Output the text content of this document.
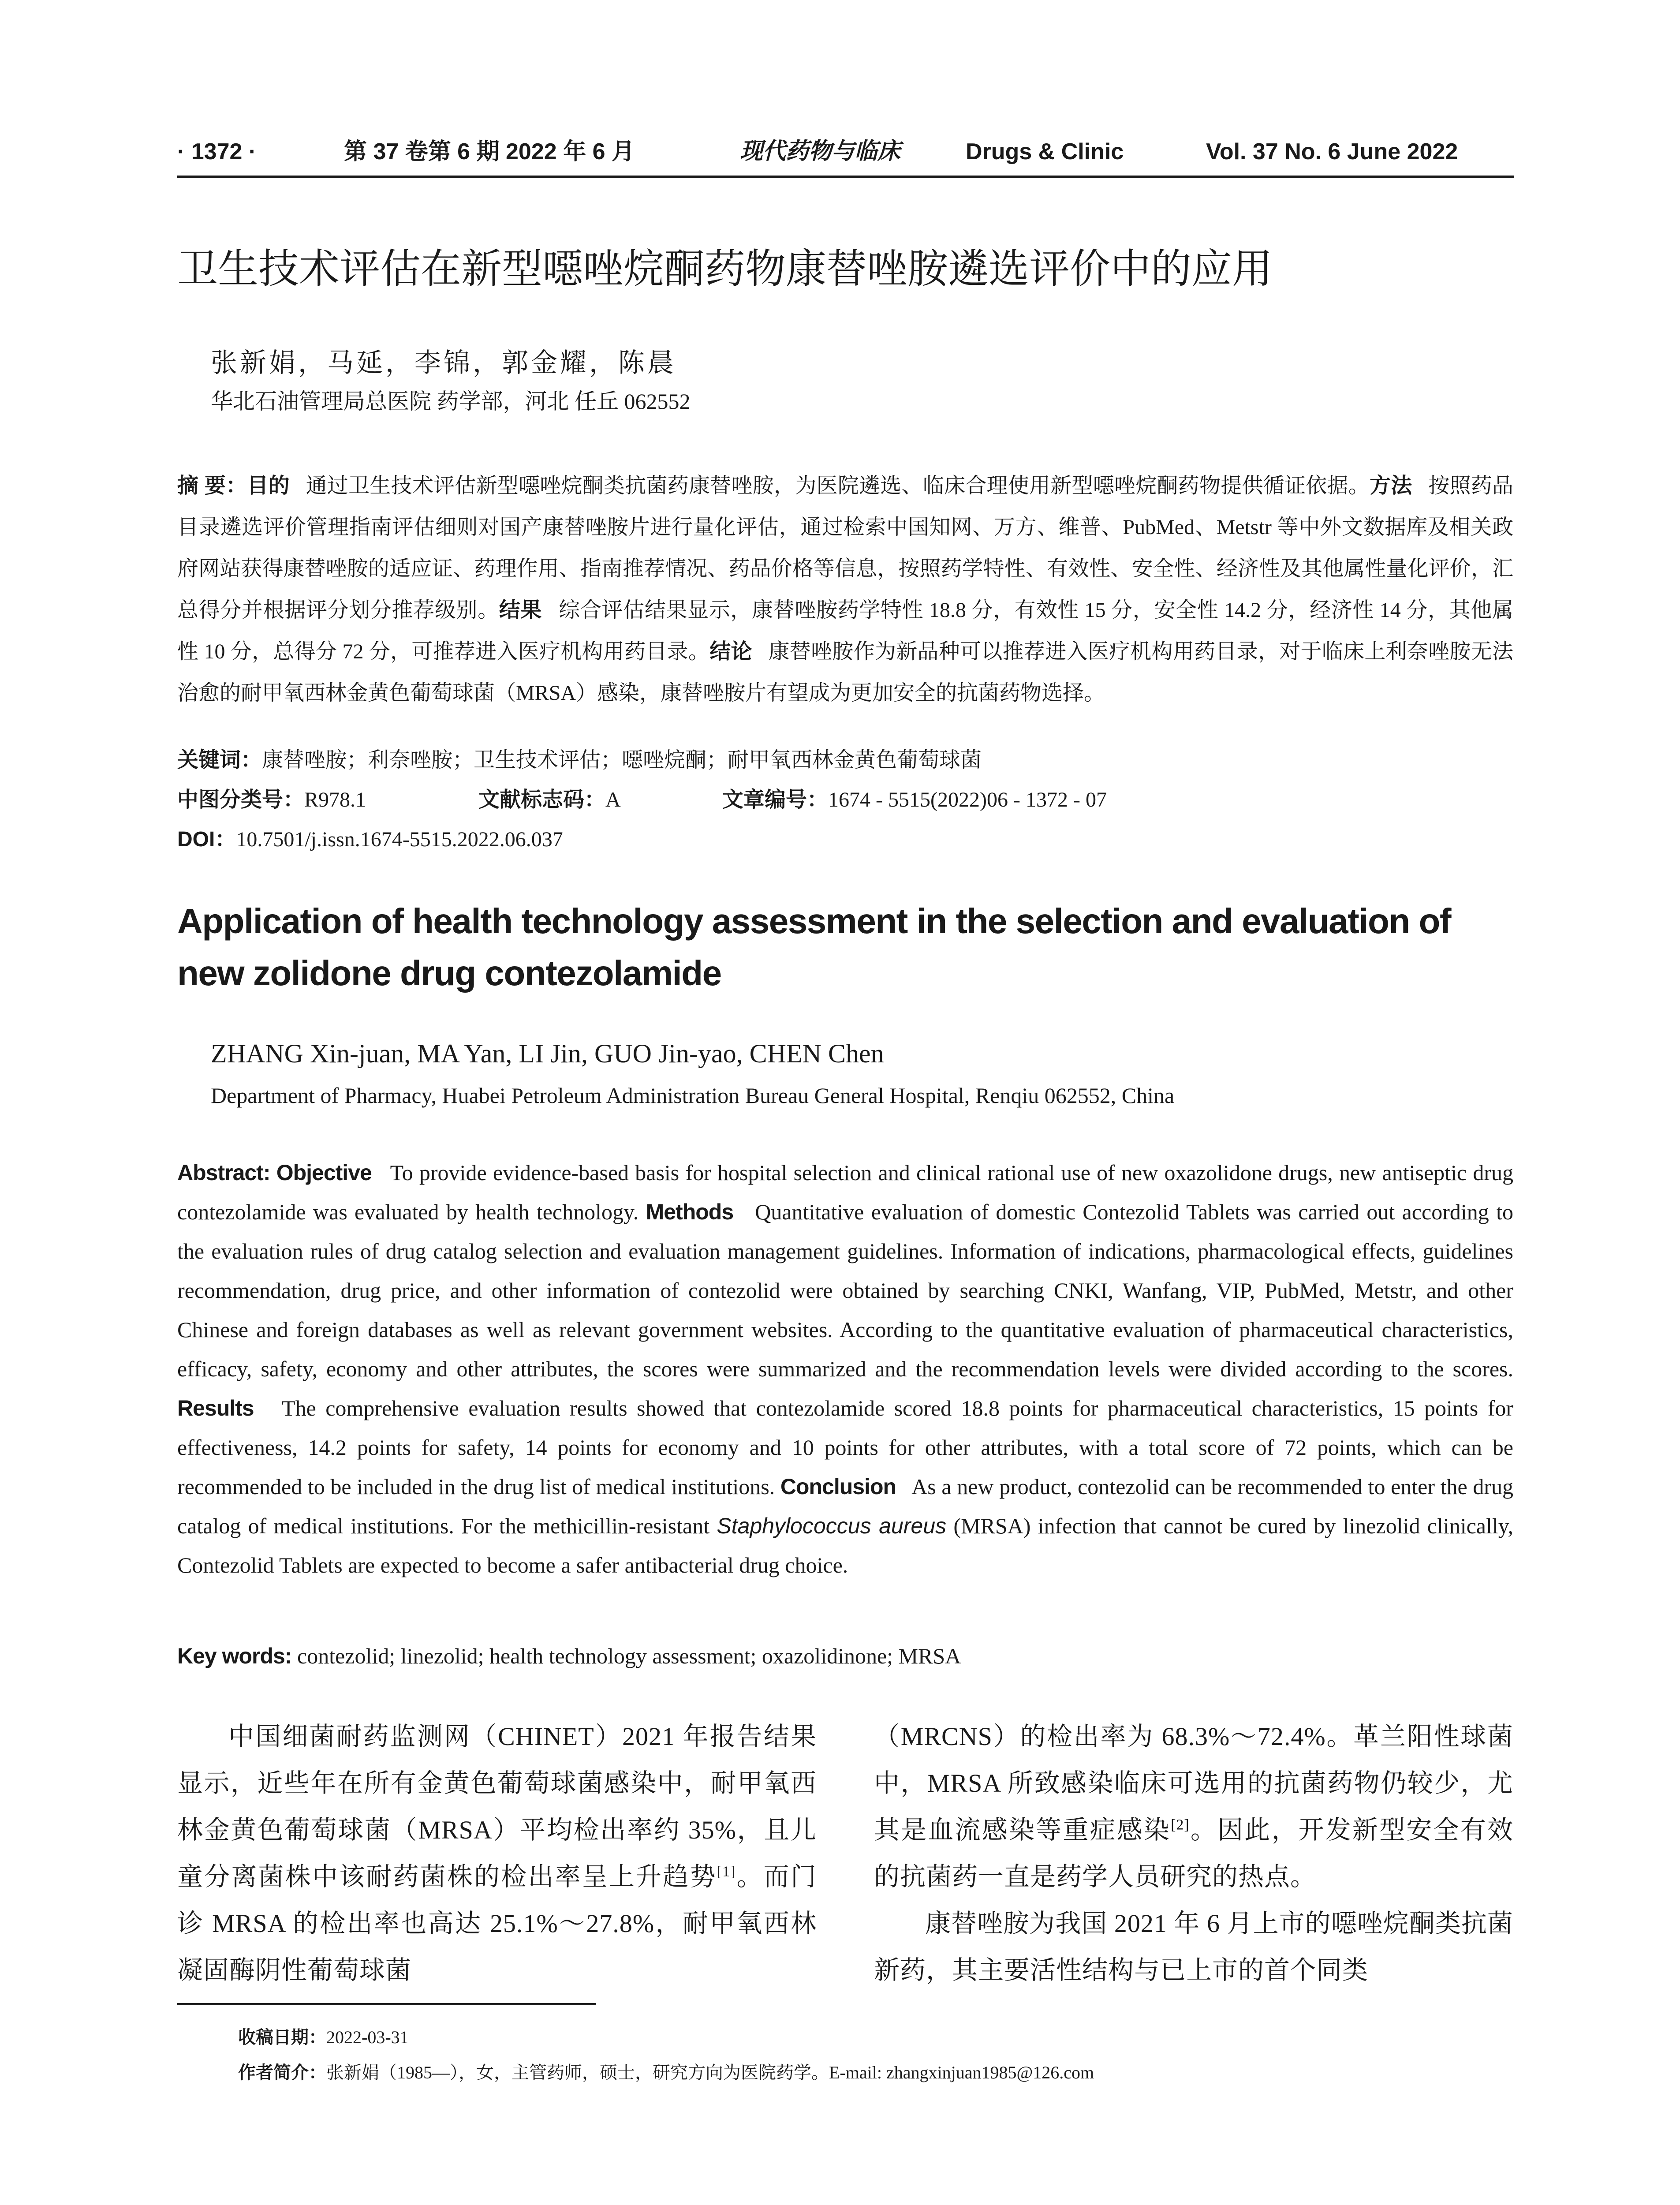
· 1372 ·	第 37 卷第 6 期 2022 年 6 月	现代药物与临床	Drugs & Clinic	Vol. 37 No. 6 June 2022
卫生技术评估在新型噁唑烷酮药物康替唑胺遴选评价中的应用
张新娟，马延，李锦，郭金耀，陈晨
华北石油管理局总医院 药学部，河北 任丘 062552
摘 要：目的 通过卫生技术评估新型噁唑烷酮类抗菌药康替唑胺，为医院遴选、临床合理使用新型噁唑烷酮药物提供循证依据。方法 按照药品目录遴选评价管理指南评估细则对国产康替唑胺片进行量化评估，通过检索中国知网、万方、维普、PubMed、Metstr 等中外文数据库及相关政府网站获得康替唑胺的适应证、药理作用、指南推荐情况、药品价格等信息，按照药学特性、有效性、安全性、经济性及其他属性量化评价，汇总得分并根据评分划分推荐级别。结果 综合评估结果显示，康替唑胺药学特性 18.8 分，有效性 15 分，安全性 14.2 分，经济性 14 分，其他属性 10 分，总得分 72 分，可推荐进入医疗机构用药目录。结论 康替唑胺作为新品种可以推荐进入医疗机构用药目录，对于临床上利奈唑胺无法治愈的耐甲氧西林金黄色葡萄球菌（MRSA）感染，康替唑胺片有望成为更加安全的抗菌药物选择。
关键词：康替唑胺；利奈唑胺；卫生技术评估；噁唑烷酮；耐甲氧西林金黄色葡萄球菌
中图分类号：R978.1	文献标志码：A	文章编号：1674 - 5515(2022)06 - 1372 - 07
DOI：10.7501/j.issn.1674-5515.2022.06.037
Application of health technology assessment in the selection and evaluation of new zolidone drug contezolamide
ZHANG Xin-juan, MA Yan, LI Jin, GUO Jin-yao, CHEN Chen
Department of Pharmacy, Huabei Petroleum Administration Bureau General Hospital, Renqiu 062552, China
Abstract: Objective To provide evidence-based basis for hospital selection and clinical rational use of new oxazolidone drugs, new antiseptic drug contezolamide was evaluated by health technology. Methods Quantitative evaluation of domestic Contezolid Tablets was carried out according to the evaluation rules of drug catalog selection and evaluation management guidelines. Information of indications, pharmacological effects, guidelines recommendation, drug price, and other information of contezolid were obtained by searching CNKI, Wanfang, VIP, PubMed, Metstr, and other Chinese and foreign databases as well as relevant government websites. According to the quantitative evaluation of pharmaceutical characteristics, efficacy, safety, economy and other attributes, the scores were summarized and the recommendation levels were divided according to the scores. Results The comprehensive evaluation results showed that contezolamide scored 18.8 points for pharmaceutical characteristics, 15 points for effectiveness, 14.2 points for safety, 14 points for economy and 10 points for other attributes, with a total score of 72 points, which can be recommended to be included in the drug list of medical institutions. Conclusion As a new product, contezolid can be recommended to enter the drug catalog of medical institutions. For the methicillin-resistant Staphylococcus aureus (MRSA) infection that cannot be cured by linezolid clinically, Contezolid Tablets are expected to become a safer antibacterial drug choice.
Key words: contezolid; linezolid; health technology assessment; oxazolidinone; MRSA

中国细菌耐药监测网（CHINET）2021 年报告结果显示，近些年在所有金黄色葡萄球菌感染中，耐甲氧西林金黄色葡萄球菌（MRSA）平均检出率约 35%，且儿童分离菌株中该耐药菌株的检出率呈上升趋势[1]。而门诊 MRSA 的检出率也高达 25.1%～27.8%，耐甲氧西林凝固酶阴性葡萄球菌

（MRCNS）的检出率为 68.3%～72.4%。革兰阳性球菌中，MRSA 所致感染临床可选用的抗菌药物仍较少，尤其是血流感染等重症感染[2]。因此，开发新型安全有效的抗菌药一直是药学人员研究的热点。

康替唑胺为我国 2021 年 6 月上市的噁唑烷酮类抗菌新药，其主要活性结构与已上市的首个同类

收稿日期：2022-03-31
作者简介：张新娟（1985—），女，主管药师，硕士，研究方向为医院药学。E-mail: zhangxinjuan1985@126.com
